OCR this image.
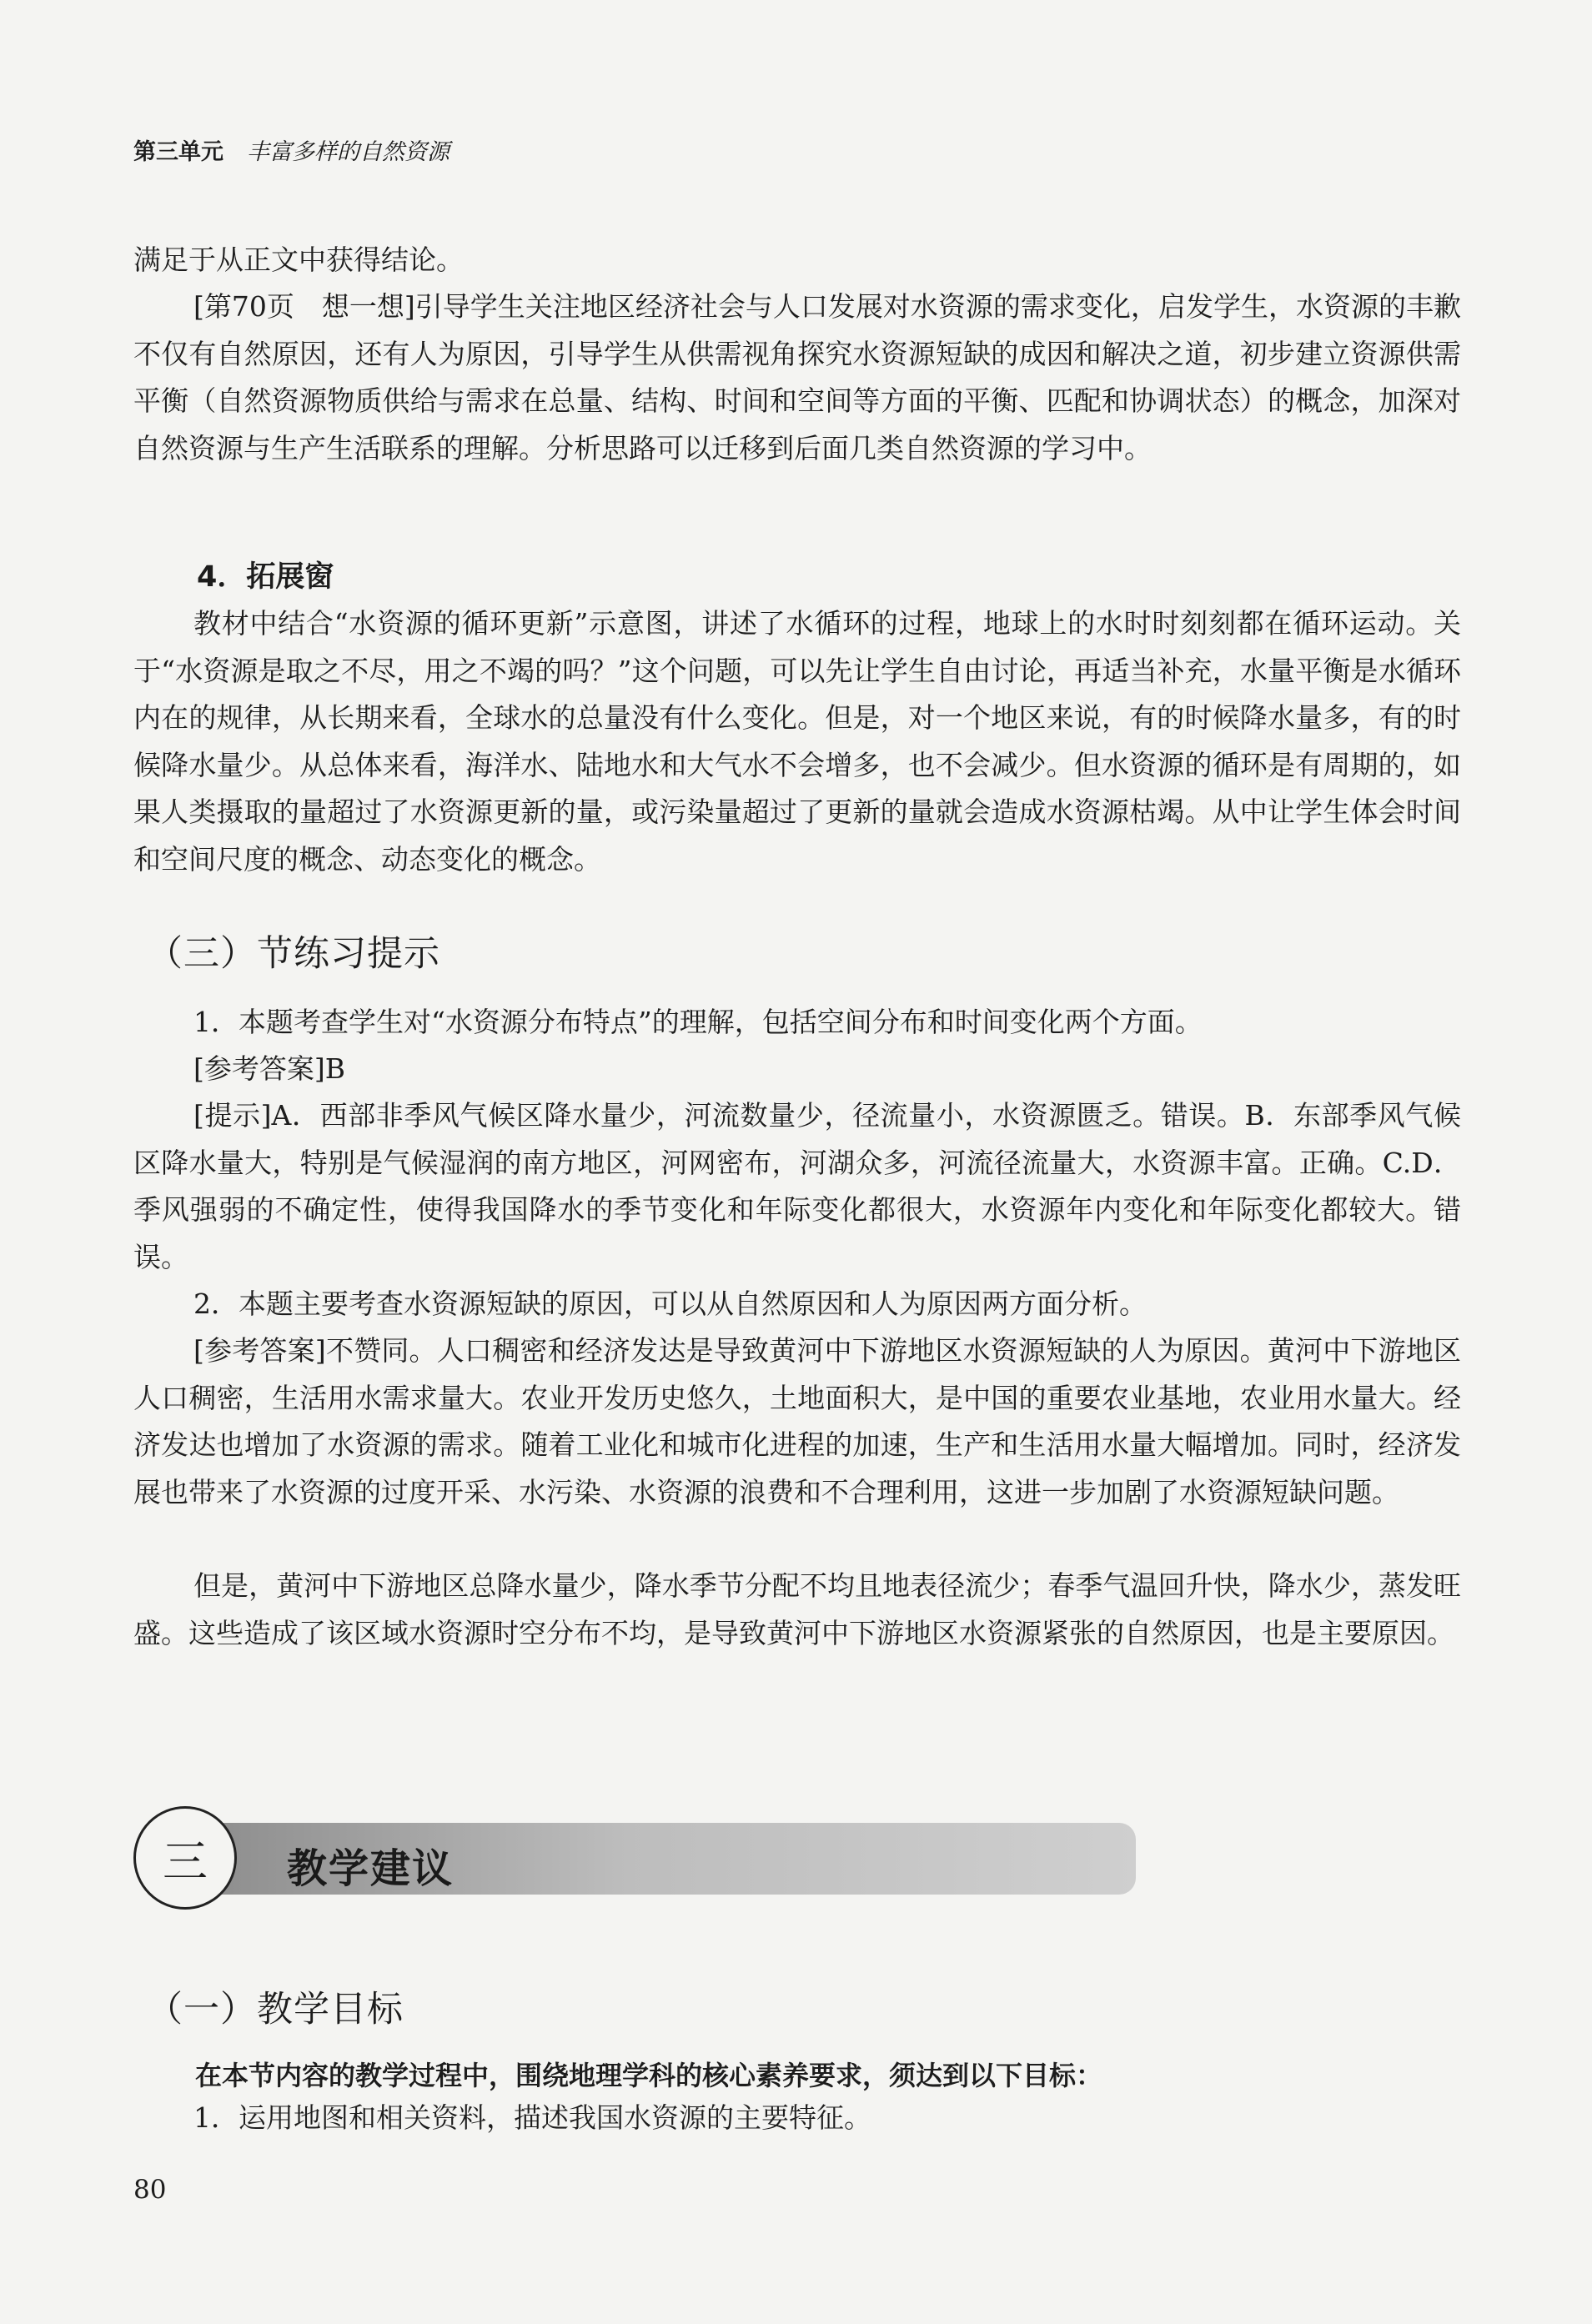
第三单元 丰富多样的自然资源

满足于从正文中获得结论。

[第70页　想一想]引导学生关注地区经济社会与人口发展对水资源的需求变化，启发学生，水资源的丰歉不仅有自然原因，还有人为原因，引导学生从供需视角探究水资源短缺的成因和解决之道，初步建立资源供需平衡（自然资源物质供给与需求在总量、结构、时间和空间等方面的平衡、匹配和协调状态）的概念，加深对自然资源与生产生活联系的理解。分析思路可以迁移到后面几类自然资源的学习中。

4．拓展窗

教材中结合“水资源的循环更新”示意图，讲述了水循环的过程，地球上的水时时刻刻都在循环运动。关于“水资源是取之不尽，用之不竭的吗？”这个问题，可以先让学生自由讨论，再适当补充，水量平衡是水循环内在的规律，从长期来看，全球水的总量没有什么变化。但是，对一个地区来说，有的时候降水量多，有的时候降水量少。从总体来看，海洋水、陆地水和大气水不会增多，也不会减少。但水资源的循环是有周期的，如果人类摄取的量超过了水资源更新的量，或污染量超过了更新的量就会造成水资源枯竭。从中让学生体会时间和空间尺度的概念、动态变化的概念。

（三）节练习提示

1．本题考查学生对“水资源分布特点”的理解，包括空间分布和时间变化两个方面。

[参考答案]B

[提示]A．西部非季风气候区降水量少，河流数量少，径流量小，水资源匮乏。错误。B．东部季风气候区降水量大，特别是气候湿润的南方地区，河网密布，河湖众多，河流径流量大，水资源丰富。正确。C.D．季风强弱的不确定性，使得我国降水的季节变化和年际变化都很大，水资源年内变化和年际变化都较大。错误。

2．本题主要考查水资源短缺的原因，可以从自然原因和人为原因两方面分析。

[参考答案]不赞同。人口稠密和经济发达是导致黄河中下游地区水资源短缺的人为原因。黄河中下游地区人口稠密，生活用水需求量大。农业开发历史悠久，土地面积大，是中国的重要农业基地，农业用水量大。经济发达也增加了水资源的需求。随着工业化和城市化进程的加速，生产和生活用水量大幅增加。同时，经济发展也带来了水资源的过度开采、水污染、水资源的浪费和不合理利用，这进一步加剧了水资源短缺问题。

但是，黄河中下游地区总降水量少，降水季节分配不均且地表径流少；春季气温回升快，降水少，蒸发旺盛。这些造成了该区域水资源时空分布不均，是导致黄河中下游地区水资源紧张的自然原因，也是主要原因。

三	教学建议
（一）教学目标
在本节内容的教学过程中，围绕地理学科的核心素养要求，须达到以下目标：

1．运用地图和相关资料，描述我国水资源的主要特征。

80
